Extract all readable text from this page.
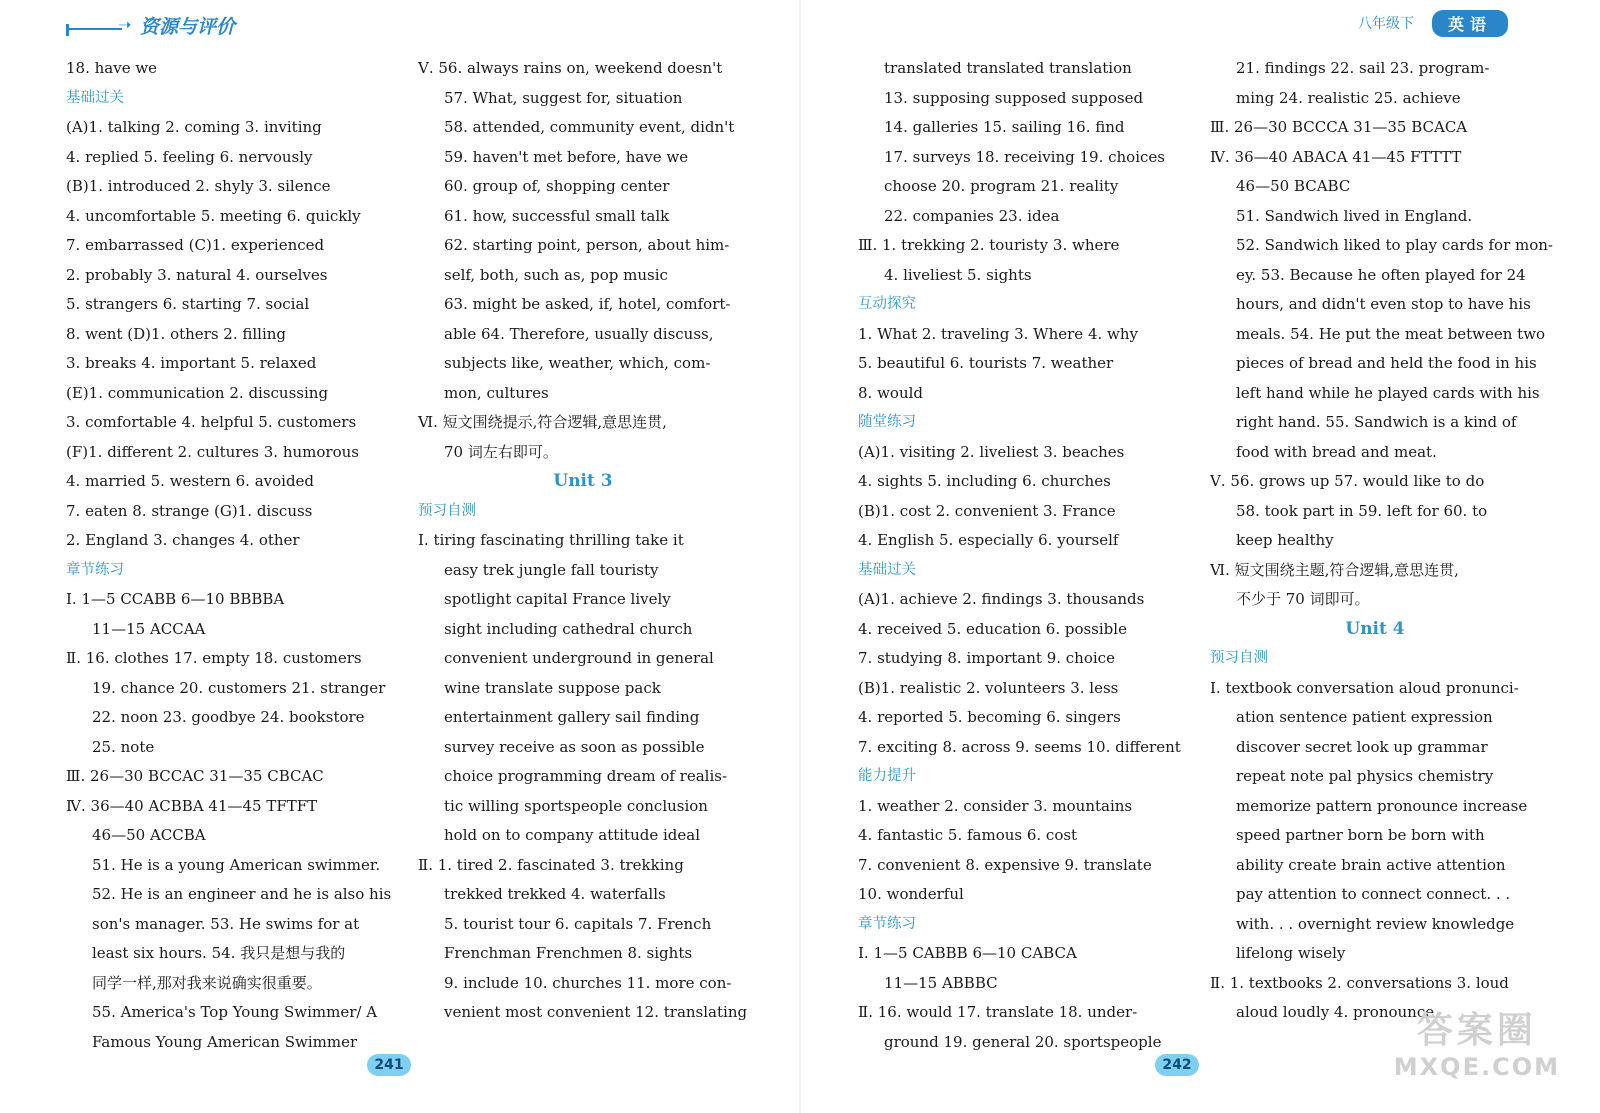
➝ 资源与评价
18. have we
基础过关
(A)1. talking 2. coming 3. inviting
4. replied 5. feeling 6. nervously
(B)1. introduced 2. shyly 3. silence
4. uncomfortable 5. meeting 6. quickly
7. embarrassed (C)1. experienced
2. probably 3. natural 4. ourselves
5. strangers 6. starting 7. social
8. went (D)1. others 2. filling
3. breaks 4. important 5. relaxed
(E)1. communication 2. discussing
3. comfortable 4. helpful 5. customers
(F)1. different 2. cultures 3. humorous
4. married 5. western 6. avoided
7. eaten 8. strange (G)1. discuss
2. England 3. changes 4. other
章节练习
Ⅰ. 1—5 CCABB 6—10 BBBBA
11—15 ACCAA
Ⅱ. 16. clothes 17. empty 18. customers
19. chance 20. customers 21. stranger
22. noon 23. goodbye 24. bookstore
25. note
Ⅲ. 26—30 BCCAC 31—35 CBCAC
Ⅳ. 36—40 ACBBA 41—45 TFTFT
46—50 ACCBA
51. He is a young American swimmer.
52. He is an engineer and he is also his
son's manager. 53. He swims for at
least six hours. 54. 我只是想与我的
同学一样,那对我来说确实很重要。
55. America's Top Young Swimmer/ A
Famous Young American Swimmer
Ⅴ. 56. always rains on, weekend doesn't
57. What, suggest for, situation
58. attended, community event, didn't
59. haven't met before, have we
60. group of, shopping center
61. how, successful small talk
62. starting point, person, about him-
self, both, such as, pop music
63. might be asked, if, hotel, comfort-
able 64. Therefore, usually discuss,
subjects like, weather, which, com-
mon, cultures
Ⅵ. 短文围绕提示,符合逻辑,意思连贯,
70 词左右即可。
Unit 3
预习自测
Ⅰ. tiring fascinating thrilling take it
easy trek jungle fall touristy
spotlight capital France lively
sight including cathedral church
convenient underground in general
wine translate suppose pack
entertainment gallery sail finding
survey receive as soon as possible
choice programming dream of realis-
tic willing sportspeople conclusion
hold on to company attitude ideal
Ⅱ. 1. tired 2. fascinated 3. trekking
trekked trekked 4. waterfalls
5. tourist tour 6. capitals 7. French
Frenchman Frenchmen 8. sights
9. include 10. churches 11. more con-
venient most convenient 12. translating
241
八年级下	英语
translated translated translation
13. supposing supposed supposed
14. galleries 15. sailing 16. find
17. surveys 18. receiving 19. choices
choose 20. program 21. reality
22. companies 23. idea
Ⅲ. 1. trekking 2. touristy 3. where
4. liveliest 5. sights
互动探究
1. What 2. traveling 3. Where 4. why
5. beautiful 6. tourists 7. weather
8. would
随堂练习
(A)1. visiting 2. liveliest 3. beaches
4. sights 5. including 6. churches
(B)1. cost 2. convenient 3. France
4. English 5. especially 6. yourself
基础过关
(A)1. achieve 2. findings 3. thousands
4. received 5. education 6. possible
7. studying 8. important 9. choice
(B)1. realistic 2. volunteers 3. less
4. reported 5. becoming 6. singers
7. exciting 8. across 9. seems 10. different
能力提升
1. weather 2. consider 3. mountains
4. fantastic 5. famous 6. cost
7. convenient 8. expensive 9. translate
10. wonderful
章节练习
Ⅰ. 1—5 CABBB 6—10 CABCA
11—15 ABBBC
Ⅱ. 16. would 17. translate 18. under-
ground 19. general 20. sportspeople
21. findings 22. sail 23. program-
ming 24. realistic 25. achieve
Ⅲ. 26—30 BCCCA 31—35 BCACA
Ⅳ. 36—40 ABACA 41—45 FTTTT
46—50 BCABC
51. Sandwich lived in England.
52. Sandwich liked to play cards for mon-
ey. 53. Because he often played for 24
hours, and didn't even stop to have his
meals. 54. He put the meat between two
pieces of bread and held the food in his
left hand while he played cards with his
right hand. 55. Sandwich is a kind of
food with bread and meat.
Ⅴ. 56. grows up 57. would like to do
58. took part in 59. left for 60. to
keep healthy
Ⅵ. 短文围绕主题,符合逻辑,意思连贯,
不少于 70 词即可。
Unit 4
预习自测
Ⅰ. textbook conversation aloud pronunci-
ation sentence patient expression
discover secret look up grammar
repeat note pal physics chemistry
memorize pattern pronounce increase
speed partner born be born with
ability create brain active attention
pay attention to connect connect. . .
with. . . overnight review knowledge
lifelong wisely
Ⅱ. 1. textbooks 2. conversations 3. loud
aloud loudly 4. pronounce
242
答案圈
MXQE.COM
